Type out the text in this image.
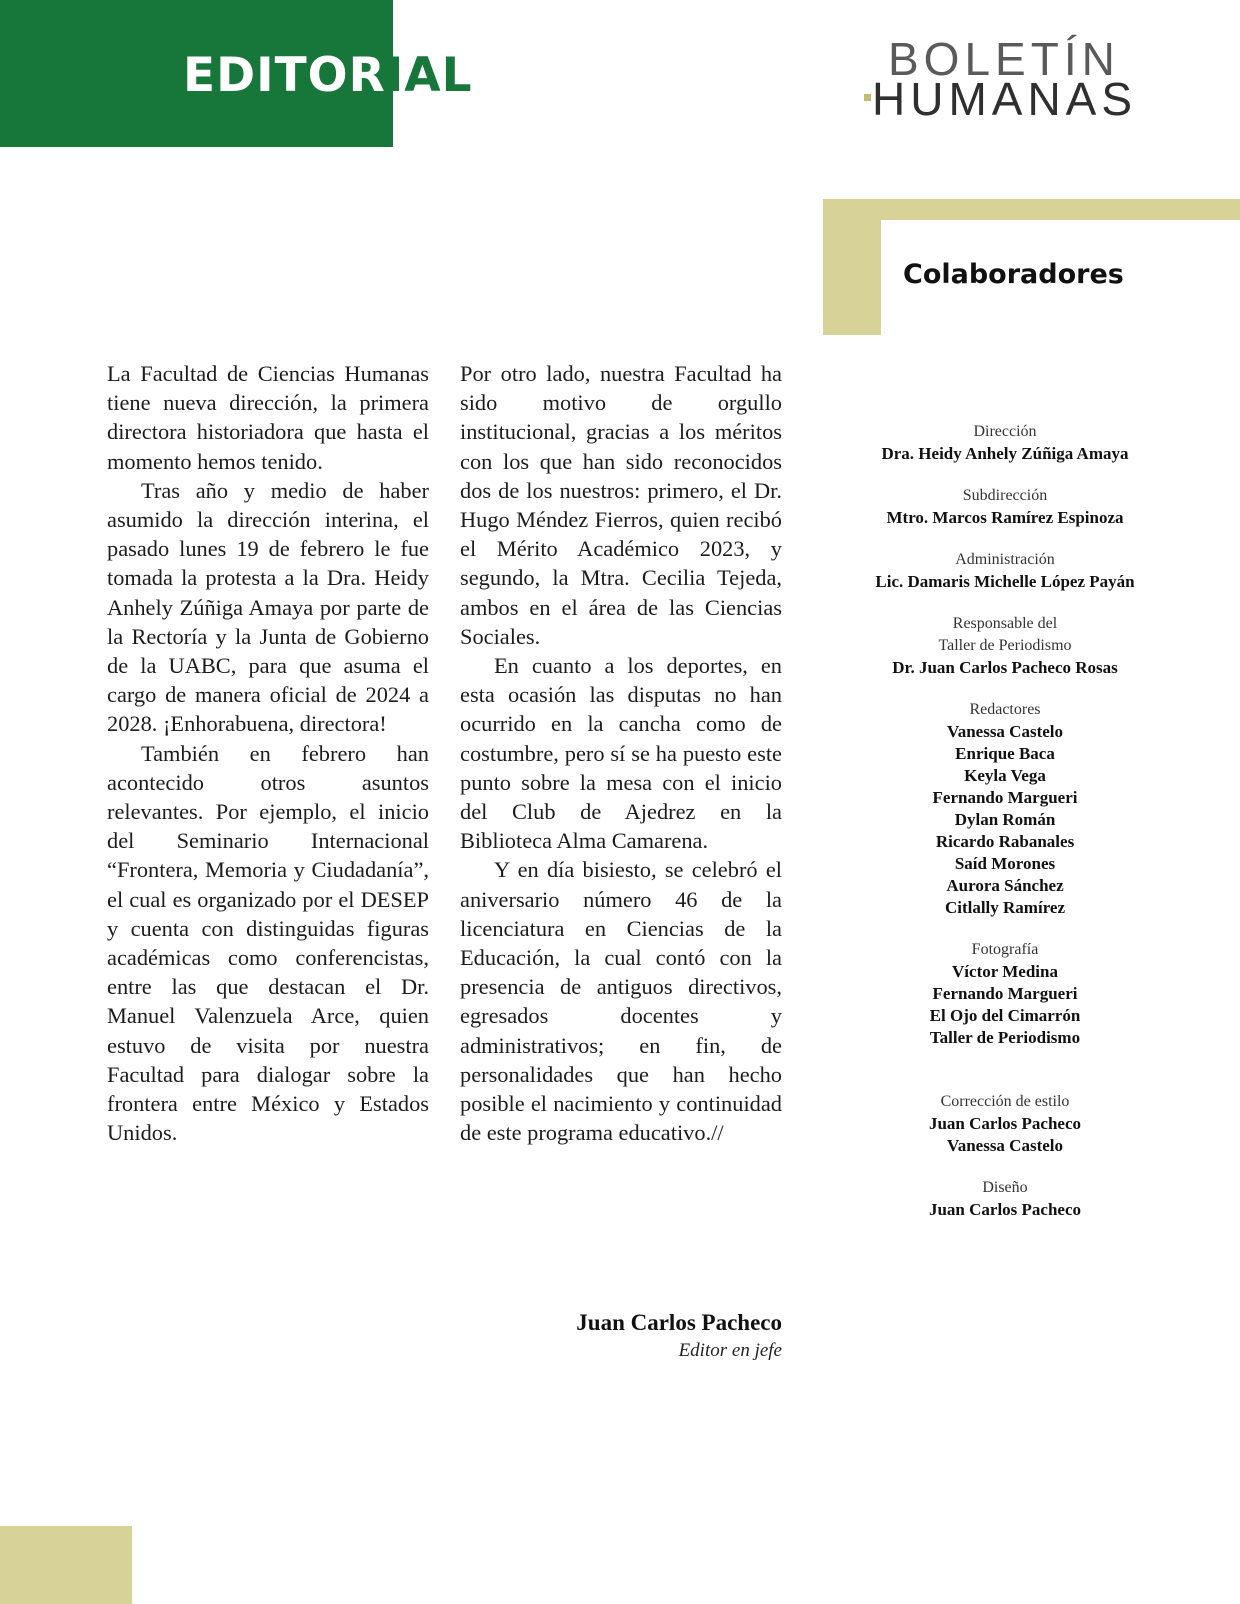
EDITORIAL	BOLETÍN
HUMANAS
Colaboradores

La Facultad de Ciencias Humanas tiene nueva dirección, la primera directora historiadora que hasta el momento hemos tenido.

Tras año y medio de haber asumido la dirección interina, el pasado lunes 19 de febrero le fue tomada la protesta a la Dra. Heidy Anhely Zúñiga Amaya por parte de la Rectoría y la Junta de Gobierno de la UABC, para que asuma el cargo de manera oficial de 2024 a 2028. ¡Enhorabuena, directora!

También en febrero han acontecido otros asuntos relevantes. Por ejemplo, el inicio del Seminario Internacional “Frontera, Memoria y Ciudadanía”, el cual es organizado por el DESEP y cuenta con distinguidas figuras académicas como conferencistas, entre las que destacan el Dr. Manuel Valenzuela Arce, quien estuvo de visita por nuestra Facultad para dialogar sobre la frontera entre México y Estados Unidos.

Por otro lado, nuestra Facultad ha sido motivo de orgullo institucional, gracias a los méritos con los que han sido reconocidos dos de los nuestros: primero, el Dr. Hugo Méndez Fierros, quien recibó el Mérito Académico 2023, y segundo, la Mtra. Cecilia Tejeda, ambos en el área de las Ciencias Sociales.

En cuanto a los deportes, en esta ocasión las disputas no han ocurrido en la cancha como de costumbre, pero sí se ha puesto este punto sobre la mesa con el inicio del Club de Ajedrez en la Biblioteca Alma Camarena.

Y en día bisiesto, se celebró el aniversario número 46 de la licenciatura en Ciencias de la Educación, la cual contó con la presencia de antiguos directivos, egresados docentes y administrativos; en fin, de personalidades que han hecho posible el nacimiento y continuidad de este programa educativo.//

Dirección
Dra. Heidy Anhely Zúñiga Amaya
Subdirección
Mtro. Marcos Ramírez Espinoza
Administración
Lic. Damaris Michelle López Payán
Responsable del
Taller de Periodismo
Dr. Juan Carlos Pacheco Rosas
Redactores
Vanessa Castelo
Enrique Baca
Keyla Vega
Fernando Margueri
Dylan Román
Ricardo Rabanales
Saíd Morones
Aurora Sánchez
Citlally Ramírez
Fotografía
Víctor Medina
Fernando Margueri
El Ojo del Cimarrón
Taller de Periodismo
Corrección de estilo
Juan Carlos Pacheco
Vanessa Castelo
Diseño
Juan Carlos Pacheco
Juan Carlos Pacheco
Editor en jefe
